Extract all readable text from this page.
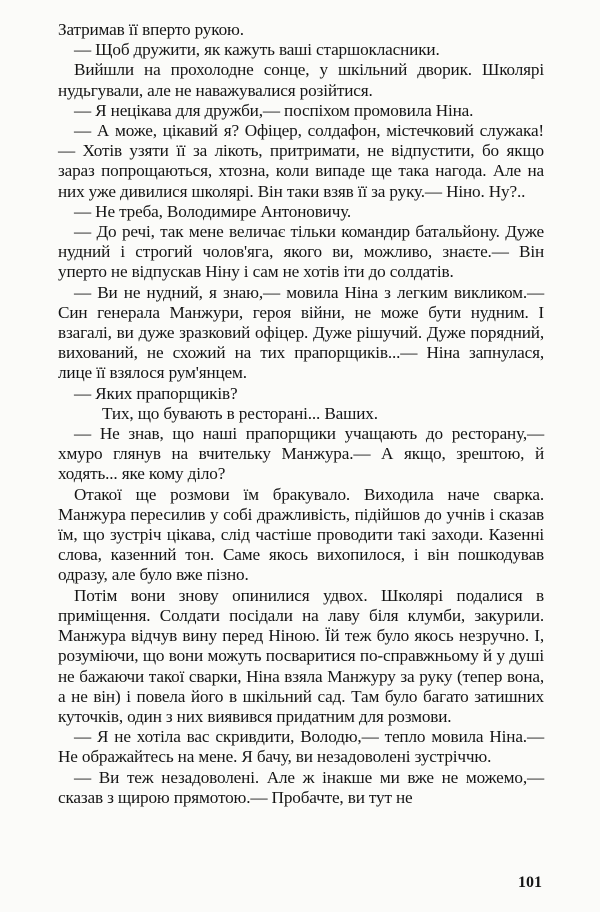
Затримав її вперто рукою.

— Щоб дружити, як кажуть ваші старшокласники.

Вийшли на прохолодне сонце, у шкільний дворик. Школярі нудьгували, але не наважувалися розійтися.

— Я нецікава для дружби,— поспіхом промовила Ніна.

— А може, цікавий я? Офіцер, солдафон, містечковий служака! — Хотів узяти її за лікоть, притримати, не відпустити, бо якщо зараз попрощаються, хтозна, коли випаде ще така нагода. Але на них уже дивилися школярі. Він таки взяв її за руку.— Ніно. Ну?..

— Не треба, Володимире Антоновичу.

— До речі, так мене величає тільки командир батальйону. Дуже нудний і строгий чолов'яга, якого ви, можливо, знаєте.— Він уперто не відпускав Ніну і сам не хотів іти до солдатів.

— Ви не нудний, я знаю,— мовила Ніна з легким викликом.— Син генерала Манжури, героя війни, не може бути нудним. І взагалі, ви дуже зразковий офіцер. Дуже рішучий. Дуже порядний, вихований, не схожий на тих прапорщиків...— Ніна запнулася, лице її взялося рум'янцем.

— Яких прапорщиків?

Тих, що бувають в ресторані... Ваших.

— Не знав, що наші прапорщики учащають до ресторану,— хмуро глянув на вчительку Манжура.— А якщо, зрештою, й ходять... яке кому діло?

Отакої ще розмови їм бракувало. Виходила наче сварка. Манжура пересилив у собі дражливість, підійшов до учнів і сказав їм, що зустріч цікава, слід частіше проводити такі заходи. Казенні слова, казенний тон. Саме якось вихопилося, і він пошкодував одразу, але було вже пізно.

Потім вони знову опинилися удвох. Школярі подалися в приміщення. Солдати посідали на лаву біля клумби, закурили. Манжура відчув вину перед Ніною. Їй теж було якось незручно. І, розуміючи, що вони можуть посваритися по-справжньому й у душі не бажаючи такої сварки, Ніна взяла Манжуру за руку (тепер вона, а не він) і повела його в шкільний сад. Там було багато затишних куточків, один з них виявився придатним для розмови.

— Я не хотіла вас скривдити, Володю,— тепло мовила Ніна.— Не ображайтесь на мене. Я бачу, ви незадоволені зустріччю.

— Ви теж незадоволені. Але ж інакше ми вже не можемо,— сказав з щирою прямотою.— Пробачте, ви тут не

101
